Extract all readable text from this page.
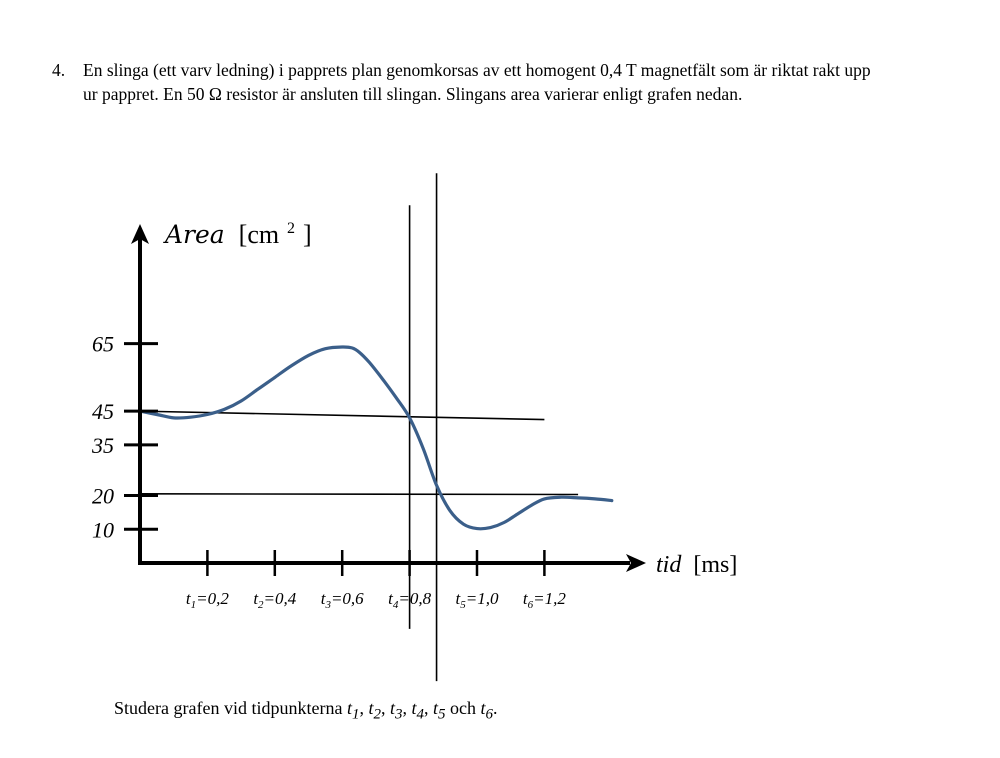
4. En slinga (ett varv ledning) i papprets plan genomkorsas av ett homogent 0,4 T magnetfält som är riktat rakt upp ur pappret. En 50 Ω resistor är ansluten till slingan. Slingans area varierar enligt grafen nedan.
65
45
35
20
10
$t_1=0,2$ $t_2=0,4$ $t_3=0,6$ $t_4=0,8$ $t_5=1,0$ $t_6=1,2$
Area [cm $^2$ ]
tid [ms]
Studera grafen vid tidpunkterna $t_1$, $t_2$, $t_3$, $t_4$, $t_5$ och $t_6$.
